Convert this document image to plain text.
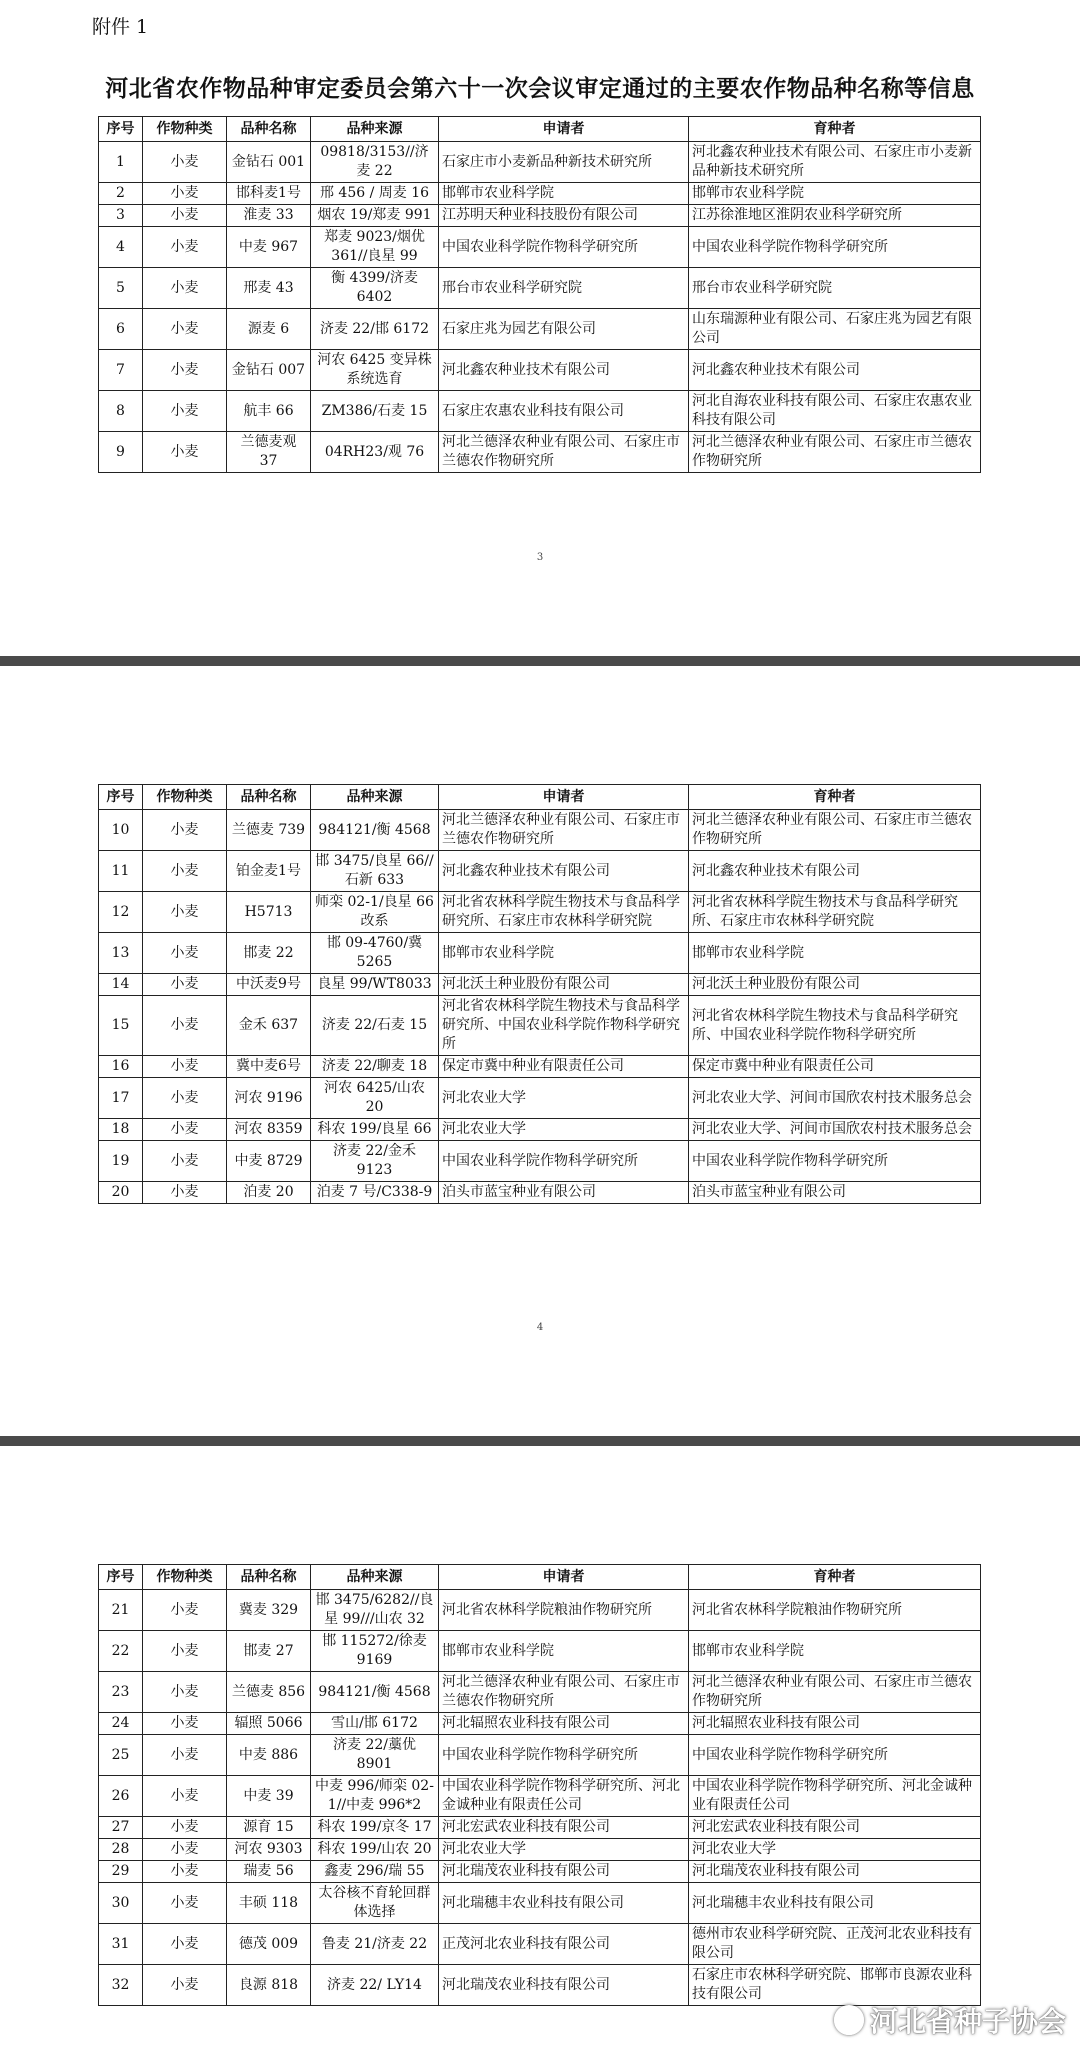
附件 1
河北省农作物品种审定委员会第六十一次会议审定通过的主要农作物品种名称等信息
序号	作物种类	品种名称	品种来源	申请者	育种者
1	小麦	金钻石 001	09818/3153//济麦 22	石家庄市小麦新品种新技术研究所	河北鑫农种业技术有限公司、石家庄市小麦新品种新技术研究所
2	小麦	邯科麦1号	邢 456 / 周麦 16	邯郸市农业科学院	邯郸市农业科学院
3	小麦	淮麦 33	烟农 19/郑麦 991	江苏明天种业科技股份有限公司	江苏徐淮地区淮阴农业科学研究所
4	小麦	中麦 967	郑麦 9023/烟优 361//良星 99	中国农业科学院作物科学研究所	中国农业科学院作物科学研究所
5	小麦	邢麦 43	衡 4399/济麦 6402	邢台市农业科学研究院	邢台市农业科学研究院
6	小麦	源麦 6	济麦 22/邯 6172	石家庄兆为园艺有限公司	山东瑞源种业有限公司、石家庄兆为园艺有限公司
7	小麦	金钻石 007	河农 6425 变异株系统选育	河北鑫农种业技术有限公司	河北鑫农种业技术有限公司
8	小麦	航丰 66	ZM386/石麦 15	石家庄农惠农业科技有限公司	河北自海农业科技有限公司、石家庄农惠农业科技有限公司
9	小麦	兰德麦观 37	04RH23/观 76	河北兰德泽农种业有限公司、石家庄市兰德农作物研究所	河北兰德泽农种业有限公司、石家庄市兰德农作物研究所
3
序号	作物种类	品种名称	品种来源	申请者	育种者
10	小麦	兰德麦 739	984121/衡 4568	河北兰德泽农种业有限公司、石家庄市兰德农作物研究所	河北兰德泽农种业有限公司、石家庄市兰德农作物研究所
11	小麦	铂金麦1号	邯 3475/良星 66//石新 633	河北鑫农种业技术有限公司	河北鑫农种业技术有限公司
12	小麦	H5713	师栾 02-1/良星 66 改系	河北省农林科学院生物技术与食品科学研究所、石家庄市农林科学研究院	河北省农林科学院生物技术与食品科学研究所、石家庄市农林科学研究院
13	小麦	邯麦 22	邯 09-4760/冀 5265	邯郸市农业科学院	邯郸市农业科学院
14	小麦	中沃麦9号	良星 99/WT8033	河北沃土种业股份有限公司	河北沃土种业股份有限公司
15	小麦	金禾 637	济麦 22/石麦 15	河北省农林科学院生物技术与食品科学研究所、中国农业科学院作物科学研究所	河北省农林科学院生物技术与食品科学研究所、中国农业科学院作物科学研究所
16	小麦	冀中麦6号	济麦 22/聊麦 18	保定市冀中种业有限责任公司	保定市冀中种业有限责任公司
17	小麦	河农 9196	河农 6425/山农 20	河北农业大学	河北农业大学、河间市国欣农村技术服务总会
18	小麦	河农 8359	科农 199/良星 66	河北农业大学	河北农业大学、河间市国欣农村技术服务总会
19	小麦	中麦 8729	济麦 22/金禾 9123	中国农业科学院作物科学研究所	中国农业科学院作物科学研究所
20	小麦	泊麦 20	泊麦 7 号/C338-9	泊头市蓝宝种业有限公司	泊头市蓝宝种业有限公司
4
序号	作物种类	品种名称	品种来源	申请者	育种者
21	小麦	冀麦 329	邯 3475/6282//良星 99///山农 32	河北省农林科学院粮油作物研究所	河北省农林科学院粮油作物研究所
22	小麦	邯麦 27	邯 115272/徐麦 9169	邯郸市农业科学院	邯郸市农业科学院
23	小麦	兰德麦 856	984121/衡 4568	河北兰德泽农种业有限公司、石家庄市兰德农作物研究所	河北兰德泽农种业有限公司、石家庄市兰德农作物研究所
24	小麦	辐照 5066	雪山/邯 6172	河北辐照农业科技有限公司	河北辐照农业科技有限公司
25	小麦	中麦 886	济麦 22/藁优 8901	中国农业科学院作物科学研究所	中国农业科学院作物科学研究所
26	小麦	中麦 39	中麦 996/师栾 02-1//中麦 996*2	中国农业科学院作物科学研究所、河北金诚种业有限责任公司	中国农业科学院作物科学研究所、河北金诚种业有限责任公司
27	小麦	源育 15	科农 199/京冬 17	河北宏武农业科技有限公司	河北宏武农业科技有限公司
28	小麦	河农 9303	科农 199/山农 20	河北农业大学	河北农业大学
29	小麦	瑞麦 56	鑫麦 296/瑞 55	河北瑞茂农业科技有限公司	河北瑞茂农业科技有限公司
30	小麦	丰硕 118	太谷核不育轮回群体选择	河北瑞穗丰农业科技有限公司	河北瑞穗丰农业科技有限公司
31	小麦	德茂 009	鲁麦 21/济麦 22	正茂河北农业科技有限公司	德州市农业科学研究院、正茂河北农业科技有限公司
32	小麦	良源 818	济麦 22/ LY14	河北瑞茂农业科技有限公司	石家庄市农林科学研究院、邯郸市良源农业科技有限公司
河北省种子协会
